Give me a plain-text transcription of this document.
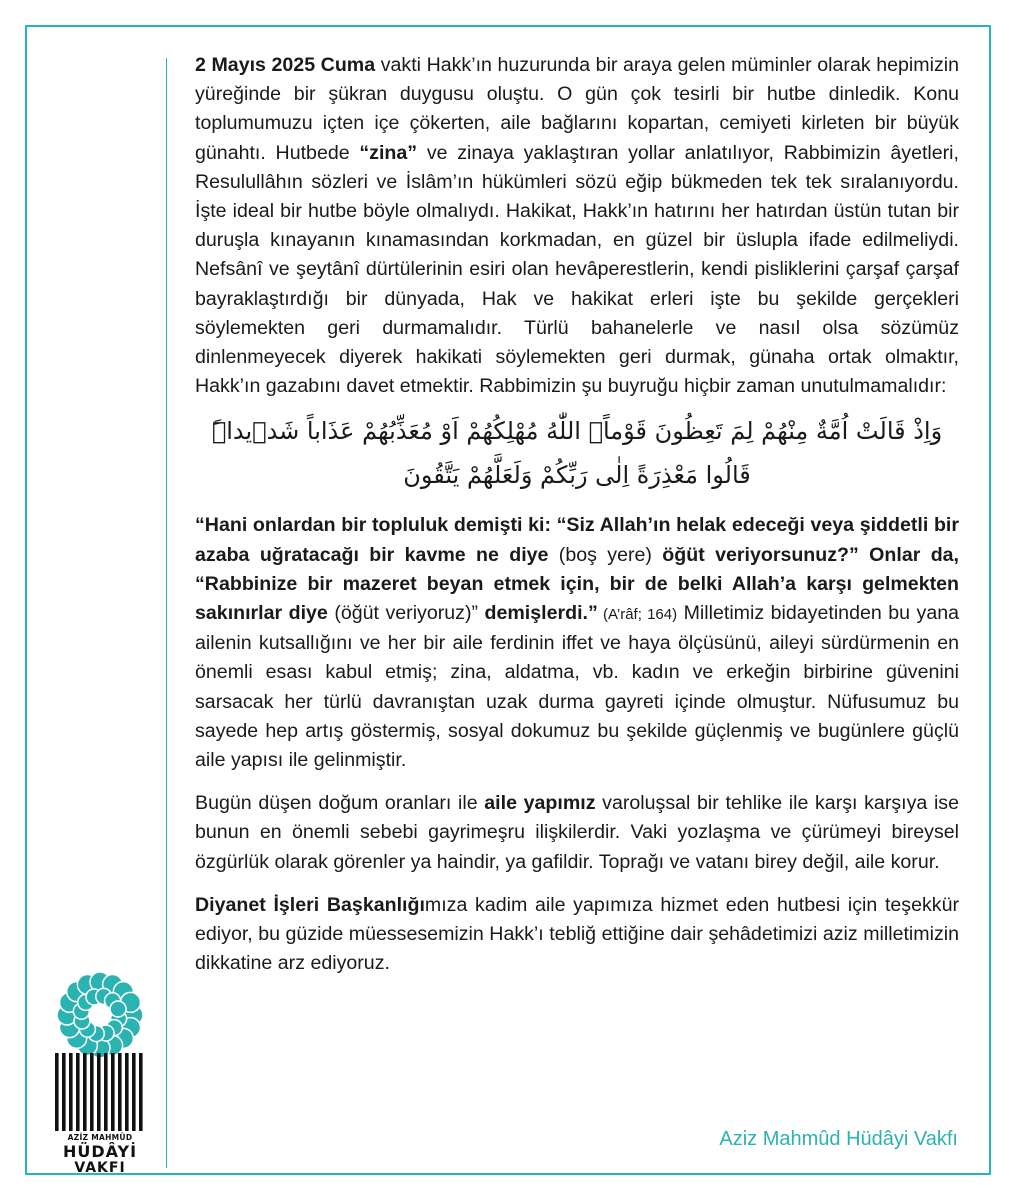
2 Mayıs 2025 Cuma vakti Hakk’ın huzurunda bir araya gelen müminler olarak hepimizin yüreğinde bir şükran duygusu oluştu. O gün çok tesirli bir hutbe dinledik. Konu toplumumuzu içten içe çökerten, aile bağlarını kopartan, cemiyeti kirleten bir büyük günahtı. Hutbede “zina” ve zinaya yaklaştıran yollar anlatılıyor, Rabbimizin âyetleri, Resulullâhın sözleri ve İslâm’ın hükümleri sözü eğip bükmeden tek tek sıralanıyordu. İşte ideal bir hutbe böyle olmalıydı. Hakikat, Hakk’ın hatırını her hatırdan üstün tutan bir duruşla kınayanın kınamasından korkmadan, en güzel bir üslupla ifade edilmeliydi. Nefsânî ve şeytânî dürtülerinin esiri olan hevâperestlerin, kendi pisliklerini çarşaf çarşaf bayraklaştırdığı bir dünyada, Hak ve hakikat erleri işte bu şekilde gerçekleri söylemekten geri durmamalıdır. Türlü bahanelerle ve nasıl olsa sözümüz dinlenmeyecek diyerek hakikati söylemekten geri durmak, günaha ortak olmaktır, Hakk’ın gazabını davet etmektir. Rabbimizin şu buyruğu hiçbir zaman unutulmamalıdır:

وَاِذْ قَالَتْ اُمَّةٌ مِنْهُمْ لِمَ تَعِظُونَ قَوْماًۙ اللّٰهُ مُهْلِكُهُمْ اَوْ مُعَذِّبُهُمْ عَذَاباً شَد۪يداًۜ
قَالُوا مَعْذِرَةً اِلٰى رَبِّكُمْ وَلَعَلَّهُمْ يَتَّقُونَ

“Hani onlardan bir topluluk demişti ki: “Siz Allah’ın helak edeceği veya şiddetli bir azaba uğratacağı bir kavme ne diye (boş yere) öğüt veriyorsunuz?” Onlar da, “Rabbinize bir mazeret beyan etmek için, bir de belki Allah’a karşı gelmekten sakınırlar diye (öğüt veriyoruz)” demişlerdi.” (A’râf; 164) Milletimiz bidayetinden bu yana ailenin kutsallığını ve her bir aile ferdinin iffet ve haya ölçüsünü, aileyi sürdürmenin en önemli esası kabul etmiş; zina, aldatma, vb. kadın ve erkeğin birbirine güvenini sarsacak her türlü davranıştan uzak durma gayreti içinde olmuştur. Nüfusumuz bu sayede hep artış göstermiş, sosyal dokumuz bu şekilde güçlenmiş ve bugünlere güçlü aile yapısı ile gelinmiştir.

Bugün düşen doğum oranları ile aile yapımız varoluşsal bir tehlike ile karşı karşıya ise bunun en önemli sebebi gayrimeşru ilişkilerdir. Vaki yozlaşma ve çürümeyi bireysel özgürlük olarak görenler ya haindir, ya gafildir. Toprağı ve vatanı birey değil, aile korur.

Diyanet İşleri Başkanlığımıza kadim aile yapımıza hizmet eden hutbesi için teşekkür ediyor, bu güzide müessesemizin Hakk’ı tebliğ ettiğine dair şehâdetimizi aziz milletimizin dikkatine arz ediyoruz.

Aziz Mahmûd Hüdâyi Vakfı
AZİZ MAHMÛD
HÜDÂYİ
VAKFI
